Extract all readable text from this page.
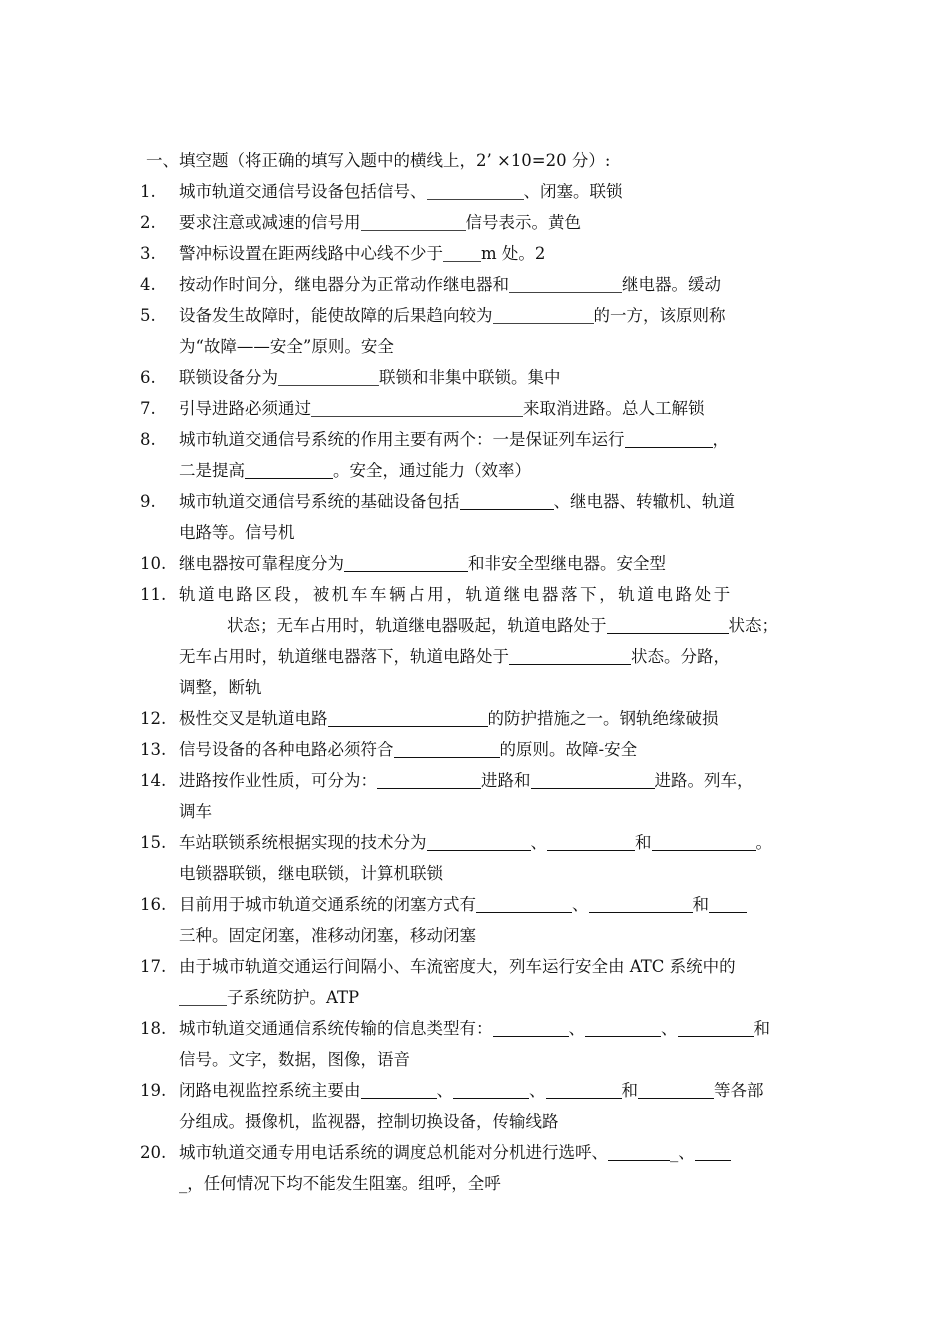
一、填空题（将正确的填写入题中的横线上，2’ ×10=20 分）:
1.	城市轨道交通信号设备包括信号、	、闭塞。联锁
2.	要求注意或减速的信号用	信号表示。黄色
3.	警冲标设置在距两线路中心线不少于 m 处。2
4.	按动作时间分，继电器分为正常动作继电器和	继电器。缓动
5.	设备发生故障时，能使故障的后果趋向较为	的一方，该原则称
为“故障——安全”原则。安全
6.	联锁设备分为	联锁和非集中联锁。集中
7.	引导进路必须通过	来取消进路。总人工解锁
8.	城市轨道交通信号系统的作用主要有两个：一是保证列车运行	，
二是提高	。安全，通过能力（效率）
9.	城市轨道交通信号系统的基础设备包括	、继电器、转辙机、轨道
电路等。信号机
10. 继电器按可靠程度分为	和非安全型继电器。安全型
11. 轨道电路区段，被机车车辆占用，轨道继电器落下，轨道电路处于
状态；无车占用时，轨道继电器吸起，轨道电路处于	状态；
无车占用时，轨道继电器落下，轨道电路处于	状态。分路，
调整，断轨
12. 极性交叉是轨道电路	的防护措施之一。钢轨绝缘破损
13. 信号设备的各种电路必须符合	的原则。故障-安全
14. 进路按作业性质，可分为：	进路和	进路。列车，
调车
15. 车站联锁系统根据实现的技术分为	、	和	。
电锁器联锁，继电联锁，计算机联锁
16. 目前用于城市轨道交通系统的闭塞方式有	、	和
三种。固定闭塞，准移动闭塞，移动闭塞
17. 由于城市轨道交通运行间隔小、车流密度大，列车运行安全由 ATC 系统中的
子系统防护。ATP
18. 城市轨道交通通信系统传输的信息类型有：	、	、	和
信号。文字，数据，图像，语音
19. 闭路电视监控系统主要由	、	、	和	等各部
分组成。摄像机，监视器，控制切换设备，传输线路
20. 城市轨道交通专用电话系统的调度总机能对分机进行选呼、	_、
_，任何情况下均不能发生阻塞。组呼，全呼
